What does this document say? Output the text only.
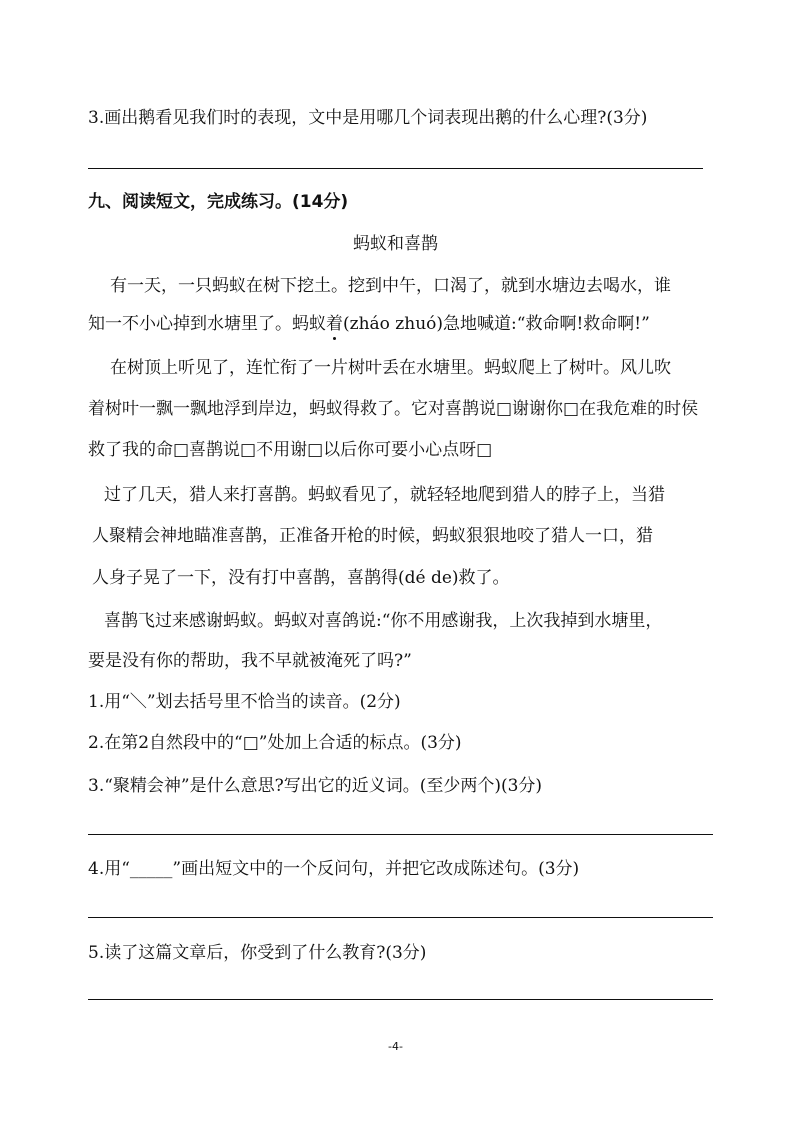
3.画出鹅看见我们时的表现，文中是用哪几个词表现出鹅的什么心理?(3分)
九、阅读短文，完成练习。(14分)
蚂蚁和喜鹊
有一天，一只蚂蚁在树下挖土。挖到中午，口渴了，就到水塘边去喝水，谁
知一不小心掉到水塘里了。蚂蚁着(zháo zhuó)急地喊道:“救命啊!救命啊!”
在树顶上听见了，连忙衔了一片树叶丢在水塘里。蚂蚁爬上了树叶。风儿吹
着树叶一飘一飘地浮到岸边，蚂蚁得救了。它对喜鹊说□谢谢你□在我危难的时侯
救了我的命□喜鹊说□不用谢□以后你可要小心点呀□
过了几天，猎人来打喜鹊。蚂蚁看见了，就轻轻地爬到猎人的脖子上，当猎
人聚精会神地瞄准喜鹊，正准备开枪的时候，蚂蚁狠狠地咬了猎人一口，猎
人身子晃了一下，没有打中喜鹊，喜鹊得(dé de)救了。
喜鹊飞过来感谢蚂蚁。蚂蚁对喜鸽说:“你不用感谢我，上次我掉到水塘里，
要是没有你的帮助，我不早就被淹死了吗?”
1.用“＼”划去括号里不恰当的读音。(2分)
2.在第2自然段中的“□”处加上合适的标点。(3分)
3.“聚精会神”是什么意思?写出它的近义词。(至少两个)(3分)
4.用“_____”画出短文中的一个反问句，并把它改成陈述句。(3分)
5.读了这篇文章后，你受到了什么教育?(3分)
-4-
